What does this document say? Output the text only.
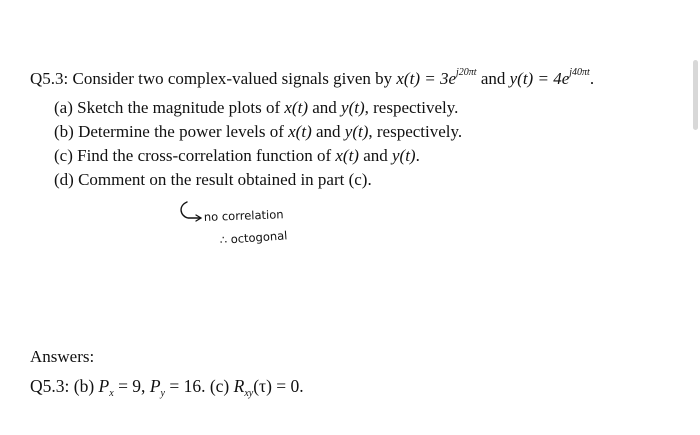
Q5.3: Consider two complex-valued signals given by $x(t) = 3e^{j20\pi t}$ and $y(t) = 4e^{j40\pi t}$.
(a) Sketch the magnitude plots of x(t) and y(t), respectively.
(b) Determine the power levels of x(t) and y(t), respectively.
(c) Find the cross-correlation function of x(t) and y(t).
(d) Comment on the result obtained in part (c).
no correlation
∴ octogonal
Answers:
Q5.3: (b) $P_x = 9$, $P_y = 16$. (c) $R_{xy}(\tau) = 0$.
